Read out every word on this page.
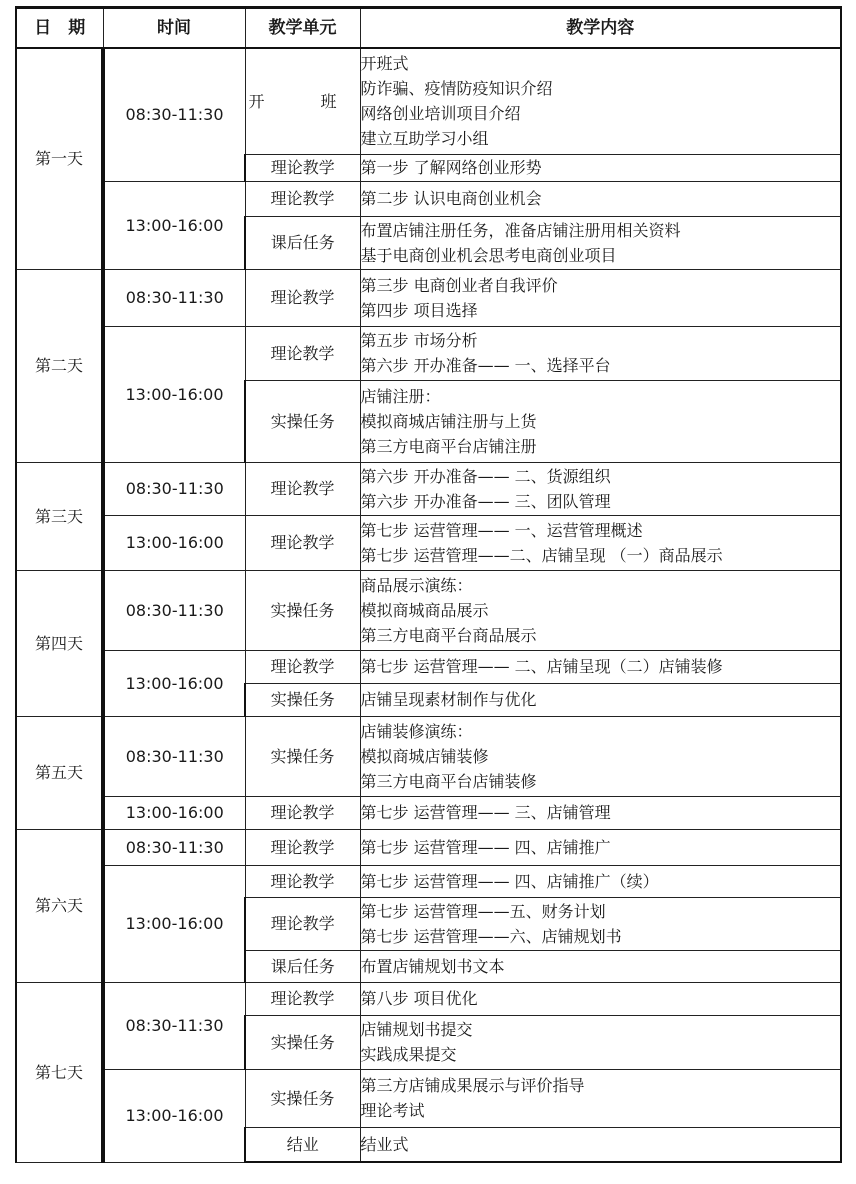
日　期	时间	教学单元	教学内容
第一天	08:30-11:30	开　班	开班式
防诈骗、疫情防疫知识介绍
网络创业培训项目介绍
建立互助学习小组

		理论教学	第一步 了解网络创业形势

	13:00-16:00	理论教学	第二步 认识电商创业机会

		课后任务	布置店铺注册任务，准备店铺注册用相关资料
基于电商创业机会思考电商创业项目

第二天	08:30-11:30	理论教学	第三步 电商创业者自我评价
第四步 项目选择

	13:00-16:00	理论教学	第五步 市场分析
第六步 开办准备—— 一、选择平台

		实操任务	店铺注册：
模拟商城店铺注册与上货
第三方电商平台店铺注册

第三天	08:30-11:30	理论教学	第六步 开办准备—— 二、货源组织
第六步 开办准备—— 三、团队管理

	13:00-16:00	理论教学	第七步 运营管理—— 一、运营管理概述
第七步 运营管理——二、店铺呈现 （一）商品展示

第四天	08:30-11:30	实操任务	商品展示演练：
模拟商城商品展示
第三方电商平台商品展示

	13:00-16:00	理论教学	第七步 运营管理—— 二、店铺呈现（二）店铺装修

		实操任务	店铺呈现素材制作与优化

第五天	08:30-11:30	实操任务	店铺装修演练：
模拟商城店铺装修
第三方电商平台店铺装修

	13:00-16:00	理论教学	第七步 运营管理—— 三、店铺管理

第六天	08:30-11:30	理论教学	第七步 运营管理—— 四、店铺推广

	13:00-16:00	理论教学	第七步 运营管理—— 四、店铺推广（续）

		理论教学	第七步 运营管理——五、财务计划
第七步 运营管理——六、店铺规划书

		课后任务	布置店铺规划书文本

第七天	08:30-11:30	理论教学	第八步 项目优化

		实操任务	店铺规划书提交
实践成果提交

	13:00-16:00	实操任务	第三方店铺成果展示与评价指导
理论考试

		结业	结业式
